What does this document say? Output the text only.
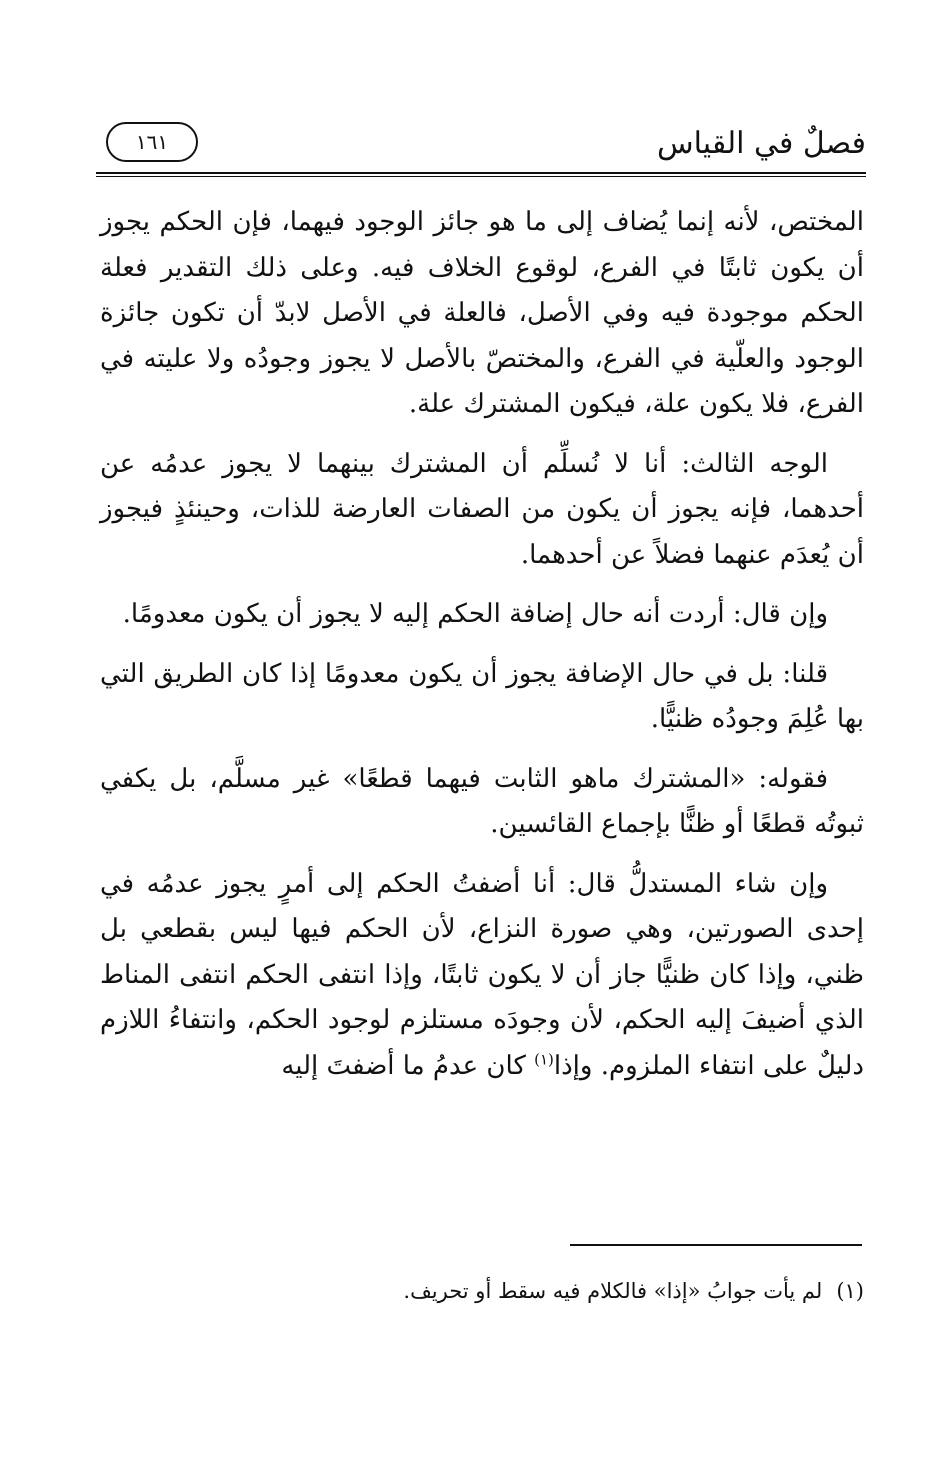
فصلٌ في القياس
١٦١

المختص، لأنه إنما يُضاف إلى ما هو جائز الوجود فيهما، فإن الحكم يجوز أن يكون ثابتًا في الفرع، لوقوع الخلاف فيه. وعلى ذلك التقدير فعلة الحكم موجودة فيه وفي الأصل، فالعلة في الأصل لابدّ أن تكون جائزة الوجود والعلّية في الفرع، والمختصّ بالأصل لا يجوز وجودُه ولا عليته في الفرع، فلا يكون علة، فيكون المشترك علة.

الوجه الثالث: أنا لا نُسلِّم أن المشترك بينهما لا يجوز عدمُه عن أحدهما، فإنه يجوز أن يكون من الصفات العارضة للذات، وحينئذٍ فيجوز أن يُعدَم عنهما فضلاً عن أحدهما.

وإن قال: أردت أنه حال إضافة الحكم إليه لا يجوز أن يكون معدومًا.

قلنا: بل في حال الإضافة يجوز أن يكون معدومًا إذا كان الطريق التي بها عُلِمَ وجودُه ظنيًّا.

فقوله: «المشترك ماهو الثابت فيهما قطعًا» غير مسلَّم، بل يكفي ثبوتُه قطعًا أو ظنًّا بإجماع القائسين.

وإن شاء المستدلُّ قال: أنا أضفتُ الحكم إلى أمرٍ يجوز عدمُه في إحدى الصورتين، وهي صورة النزاع، لأن الحكم فيها ليس بقطعي بل ظني، وإذا كان ظنيًّا جاز أن لا يكون ثابتًا، وإذا انتفى الحكم انتفى المناط الذي أضيفَ إليه الحكم، لأن وجودَه مستلزم لوجود الحكم، وانتفاءُ اللازم دليلٌ على انتفاء الملزوم. وإذا$^{(١)}$ كان عدمُ ما أضفتَ إليه

(١)لم يأت جوابُ «إذا» فالكلام فيه سقط أو تحريف.
